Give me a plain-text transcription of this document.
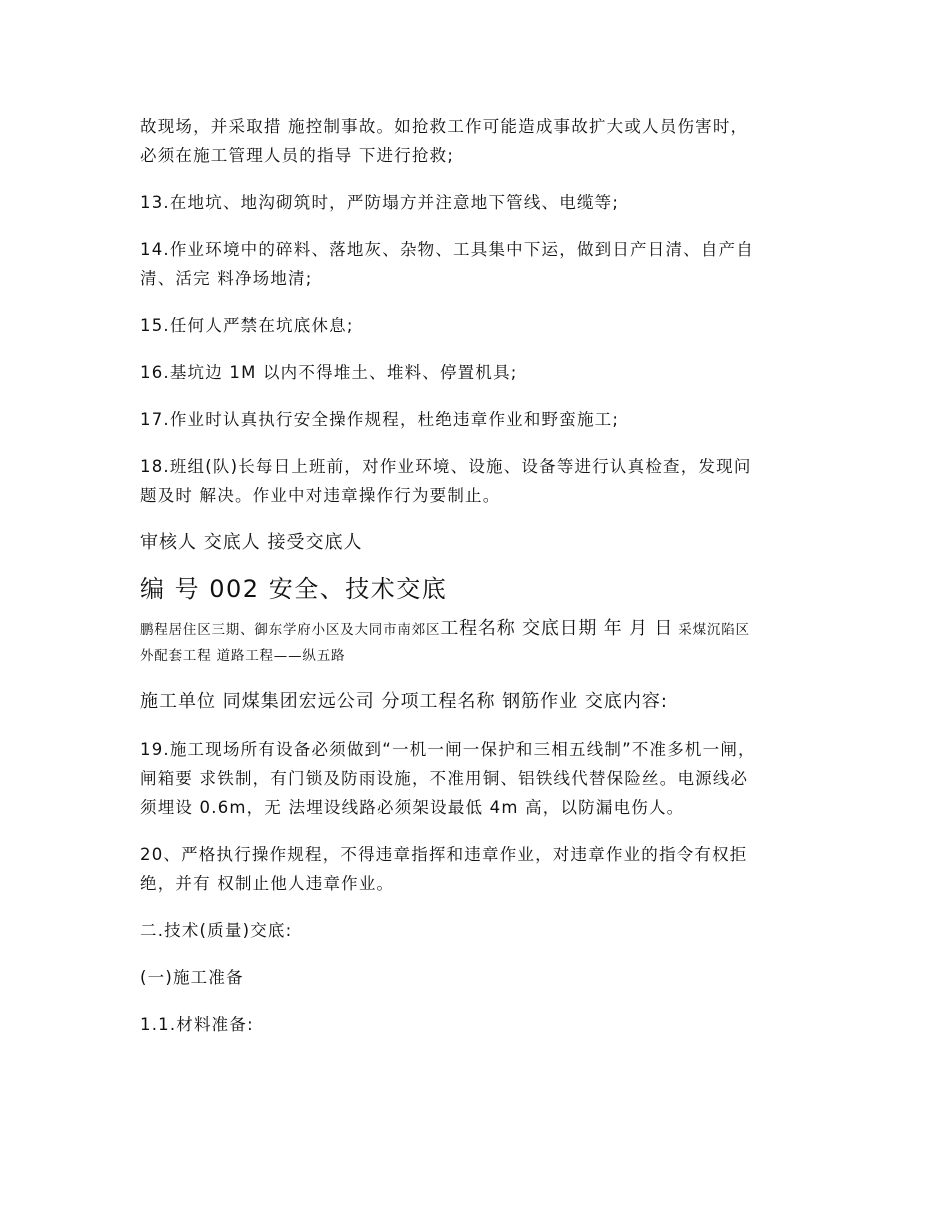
故现场，并采取措 施控制事故。如抢救工作可能造成事故扩大或人员伤害时，
必须在施工管理人员的指导 下进行抢救;
13.在地坑、地沟砌筑时，严防塌方并注意地下管线、电缆等;
14.作业环境中的碎料、落地灰、杂物、工具集中下运，做到日产日清、自产自
清、活完 料净场地清;
15.任何人严禁在坑底休息;
16.基坑边 1M 以内不得堆土、堆料、停置机具;
17.作业时认真执行安全操作规程，杜绝违章作业和野蛮施工;
18.班组(队)长每日上班前，对作业环境、设施、设备等进行认真检查，发现问
题及时 解决。作业中对违章操作行为要制止。
审核人 交底人 接受交底人
编 号 002 安全、技术交底
鹏程居住区三期、御东学府小区及大同市南郊区工程名称 交底日期 年 月 日 采煤沉陷区
外配套工程 道路工程——纵五路
施工单位 同煤集团宏远公司 分项工程名称 钢筋作业 交底内容:
19.施工现场所有设备必须做到“一机一闸一保护和三相五线制”不准多机一闸，
闸箱要 求铁制，有门锁及防雨设施，不准用铜、铝铁线代替保险丝。电源线必
须埋设 0.6m，无 法埋设线路必须架设最低 4m 高，以防漏电伤人。
20、严格执行操作规程，不得违章指挥和违章作业，对违章作业的指令有权拒
绝，并有 权制止他人违章作业。
二.技术(质量)交底:
(一)施工准备
1.1.材料准备:
